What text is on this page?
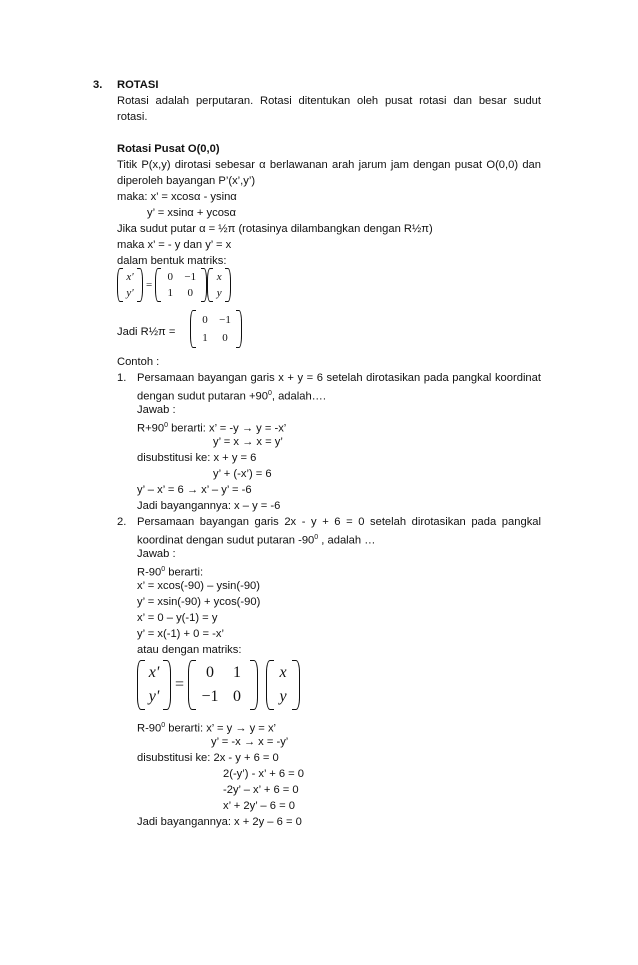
3. ROTASI
Rotasi adalah perputaran. Rotasi ditentukan oleh pusat rotasi dan besar sudut
rotasi.
Rotasi Pusat O(0,0)
Titik P(x,y) dirotasi sebesar α berlawanan arah jarum jam dengan pusat O(0,0) dan
diperoleh bayangan P’(x’,y’)
maka: x’ = xcosα - ysinα
y’ = xsinα + ycosα
Jika sudut putar α = ½π (rotasinya dilambangkan dengan R½π)
maka x’ = - y dan y’ = x
dalam bentuk matriks:
x'
y'
=
0	−1
1	0
x
y
Jadi R½π =
0	−1
1	0
Contoh :
1. Persamaan bayangan garis x + y = 6 setelah dirotasikan pada pangkal koordinat
dengan sudut putaran $+90^0$, adalah….
Jawab :
$R+90^0$ berarti: x’ = -y → y = -x’
y’ = x → x = y’
disubstitusi ke: x + y = 6
y’ + (-x’) = 6
y’ – x’ = 6 → x’ – y’ = -6
Jadi bayangannya: x – y = -6
2. Persamaan bayangan garis 2x - y + 6 = 0 setelah dirotasikan pada pangkal
koordinat dengan sudut putaran $-90^0$ , adalah …
Jawab :
$R-90^0$ berarti:
x’ = xcos(-90) – ysin(-90)
y’ = xsin(-90) + ycos(-90)
x’ = 0 – y(-1) = y
y’ = x(-1) + 0 = -x’
atau dengan matriks:
x'
y'
=
0	1
−1 0
x
y
$R-90^0$ berarti: x’ = y → y = x’
y’ = -x → x = -y’
disubstitusi ke: 2x - y + 6 = 0
2(-y’) - x’ + 6 = 0
-2y’ – x’ + 6 = 0
x’ + 2y’ – 6 = 0
Jadi bayangannya: x + 2y – 6 = 0
